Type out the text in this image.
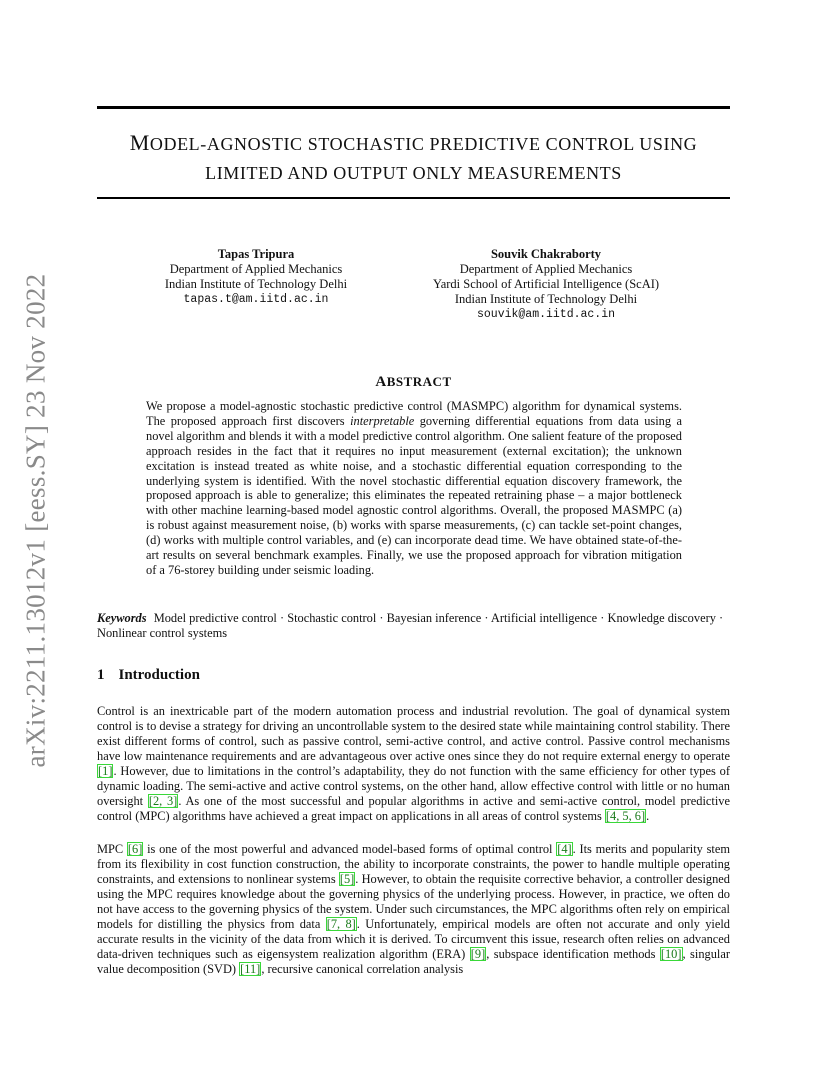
arXiv:2211.13012v1 [eess.SY] 23 Nov 2022
MODEL-AGNOSTIC STOCHASTIC PREDICTIVE CONTROL USING
LIMITED AND OUTPUT ONLY MEASUREMENTS
Tapas Tripura
Department of Applied Mechanics
Indian Institute of Technology Delhi
tapas.t@am.iitd.ac.in
Souvik Chakraborty
Department of Applied Mechanics
Yardi School of Artificial Intelligence (ScAI)
Indian Institute of Technology Delhi
souvik@am.iitd.ac.in
ABSTRACT
We propose a model-agnostic stochastic predictive control (MASMPC) algorithm for dynamical systems. The proposed approach first discovers interpretable governing differential equations from data using a novel algorithm and blends it with a model predictive control algorithm. One salient feature of the proposed approach resides in the fact that it requires no input measurement (external excitation); the unknown excitation is instead treated as white noise, and a stochastic differential equation corresponding to the underlying system is identified. With the novel stochastic differential equation discovery framework, the proposed approach is able to generalize; this eliminates the repeated retraining phase – a major bottleneck with other machine learning-based model agnostic control algorithms. Overall, the proposed MASMPC (a) is robust against measurement noise, (b) works with sparse measurements, (c) can tackle set-point changes, (d) works with multiple control variables, and (e) can incorporate dead time. We have obtained state-of-the-art results on several benchmark examples. Finally, we use the proposed approach for vibration mitigation of a 76-storey building under seismic loading.
Keywords Model predictive control · Stochastic control · Bayesian inference · Artificial intelligence · Knowledge discovery · Nonlinear control systems
1 Introduction
Control is an inextricable part of the modern automation process and industrial revolution. The goal of dynamical system control is to devise a strategy for driving an uncontrollable system to the desired state while maintaining control stability. There exist different forms of control, such as passive control, semi-active control, and active control. Passive control mechanisms have low maintenance requirements and are advantageous over active ones since they do not require external energy to operate [1]. However, due to limitations in the control’s adaptability, they do not function with the same efficiency for other types of dynamic loading. The semi-active and active control systems, on the other hand, allow effective control with little or no human oversight [2, 3]. As one of the most successful and popular algorithms in active and semi-active control, model predictive control (MPC) algorithms have achieved a great impact on applications in all areas of control systems [4, 5, 6].
MPC [6] is one of the most powerful and advanced model-based forms of optimal control [4]. Its merits and popularity stem from its flexibility in cost function construction, the ability to incorporate constraints, the power to handle multiple operating constraints, and extensions to nonlinear systems [5]. However, to obtain the requisite corrective behavior, a controller designed using the MPC requires knowledge about the governing physics of the underlying process. However, in practice, we often do not have access to the governing physics of the system. Under such circumstances, the MPC algorithms often rely on empirical models for distilling the physics from data [7, 8]. Unfortunately, empirical models are often not accurate and only yield accurate results in the vicinity of the data from which it is derived. To circumvent this issue, research often relies on advanced data-driven techniques such as eigensystem realization algorithm (ERA) [9], subspace identification methods [10], singular value decomposition (SVD) [11], recursive canonical correlation analysis
